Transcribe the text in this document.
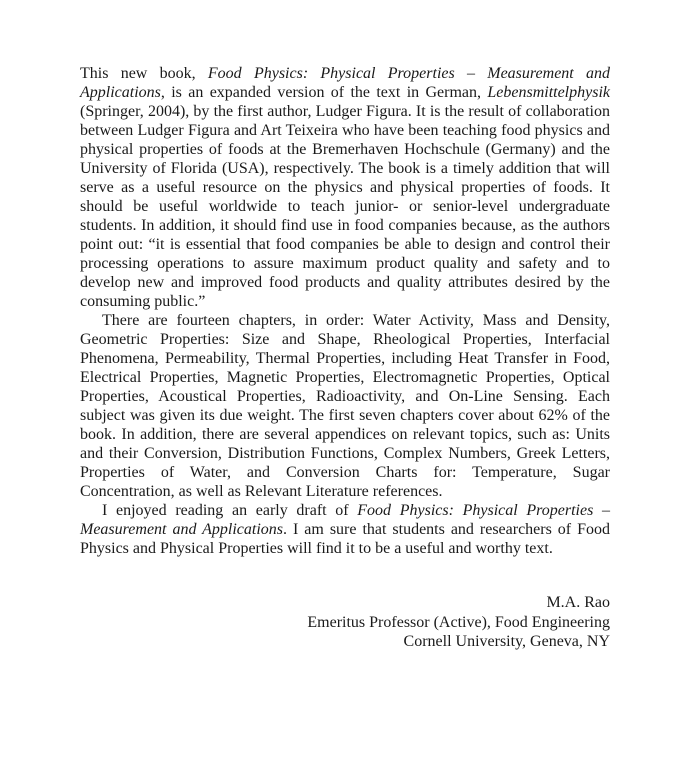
This new book, Food Physics: Physical Properties – Measurement and Applications, is an expanded version of the text in German, Lebensmittelphysik (Springer, 2004), by the first author, Ludger Figura. It is the result of collaboration between Ludger Figura and Art Teixeira who have been teaching food physics and physical properties of foods at the Bremerhaven Hochschule (Germany) and the University of Florida (USA), respectively. The book is a timely addition that will serve as a useful resource on the physics and physical properties of foods. It should be useful worldwide to teach junior- or senior-level undergraduate students. In addition, it should find use in food companies because, as the authors point out: “it is essential that food companies be able to design and control their processing operations to assure maximum product quality and safety and to develop new and improved food products and quality attributes desired by the consuming public.”

There are fourteen chapters, in order: Water Activity, Mass and Density, Geometric Properties: Size and Shape, Rheological Properties, Interfacial Phenomena, Permeability, Thermal Properties, including Heat Transfer in Food, Electrical Properties, Magnetic Properties, Electromagnetic Properties, Optical Properties, Acoustical Properties, Radioactivity, and On-Line Sensing. Each subject was given its due weight. The first seven chapters cover about 62% of the book. In addition, there are several appendices on relevant topics, such as: Units and their Conversion, Distribution Functions, Complex Numbers, Greek Letters, Properties of Water, and Conversion Charts for: Temperature, Sugar Concentration, as well as Relevant Literature references.

I enjoyed reading an early draft of Food Physics: Physical Properties – Measurement and Applications. I am sure that students and researchers of Food Physics and Physical Properties will find it to be a useful and worthy text.

M.A. Rao
Emeritus Professor (Active), Food Engineering
Cornell University, Geneva, NY
